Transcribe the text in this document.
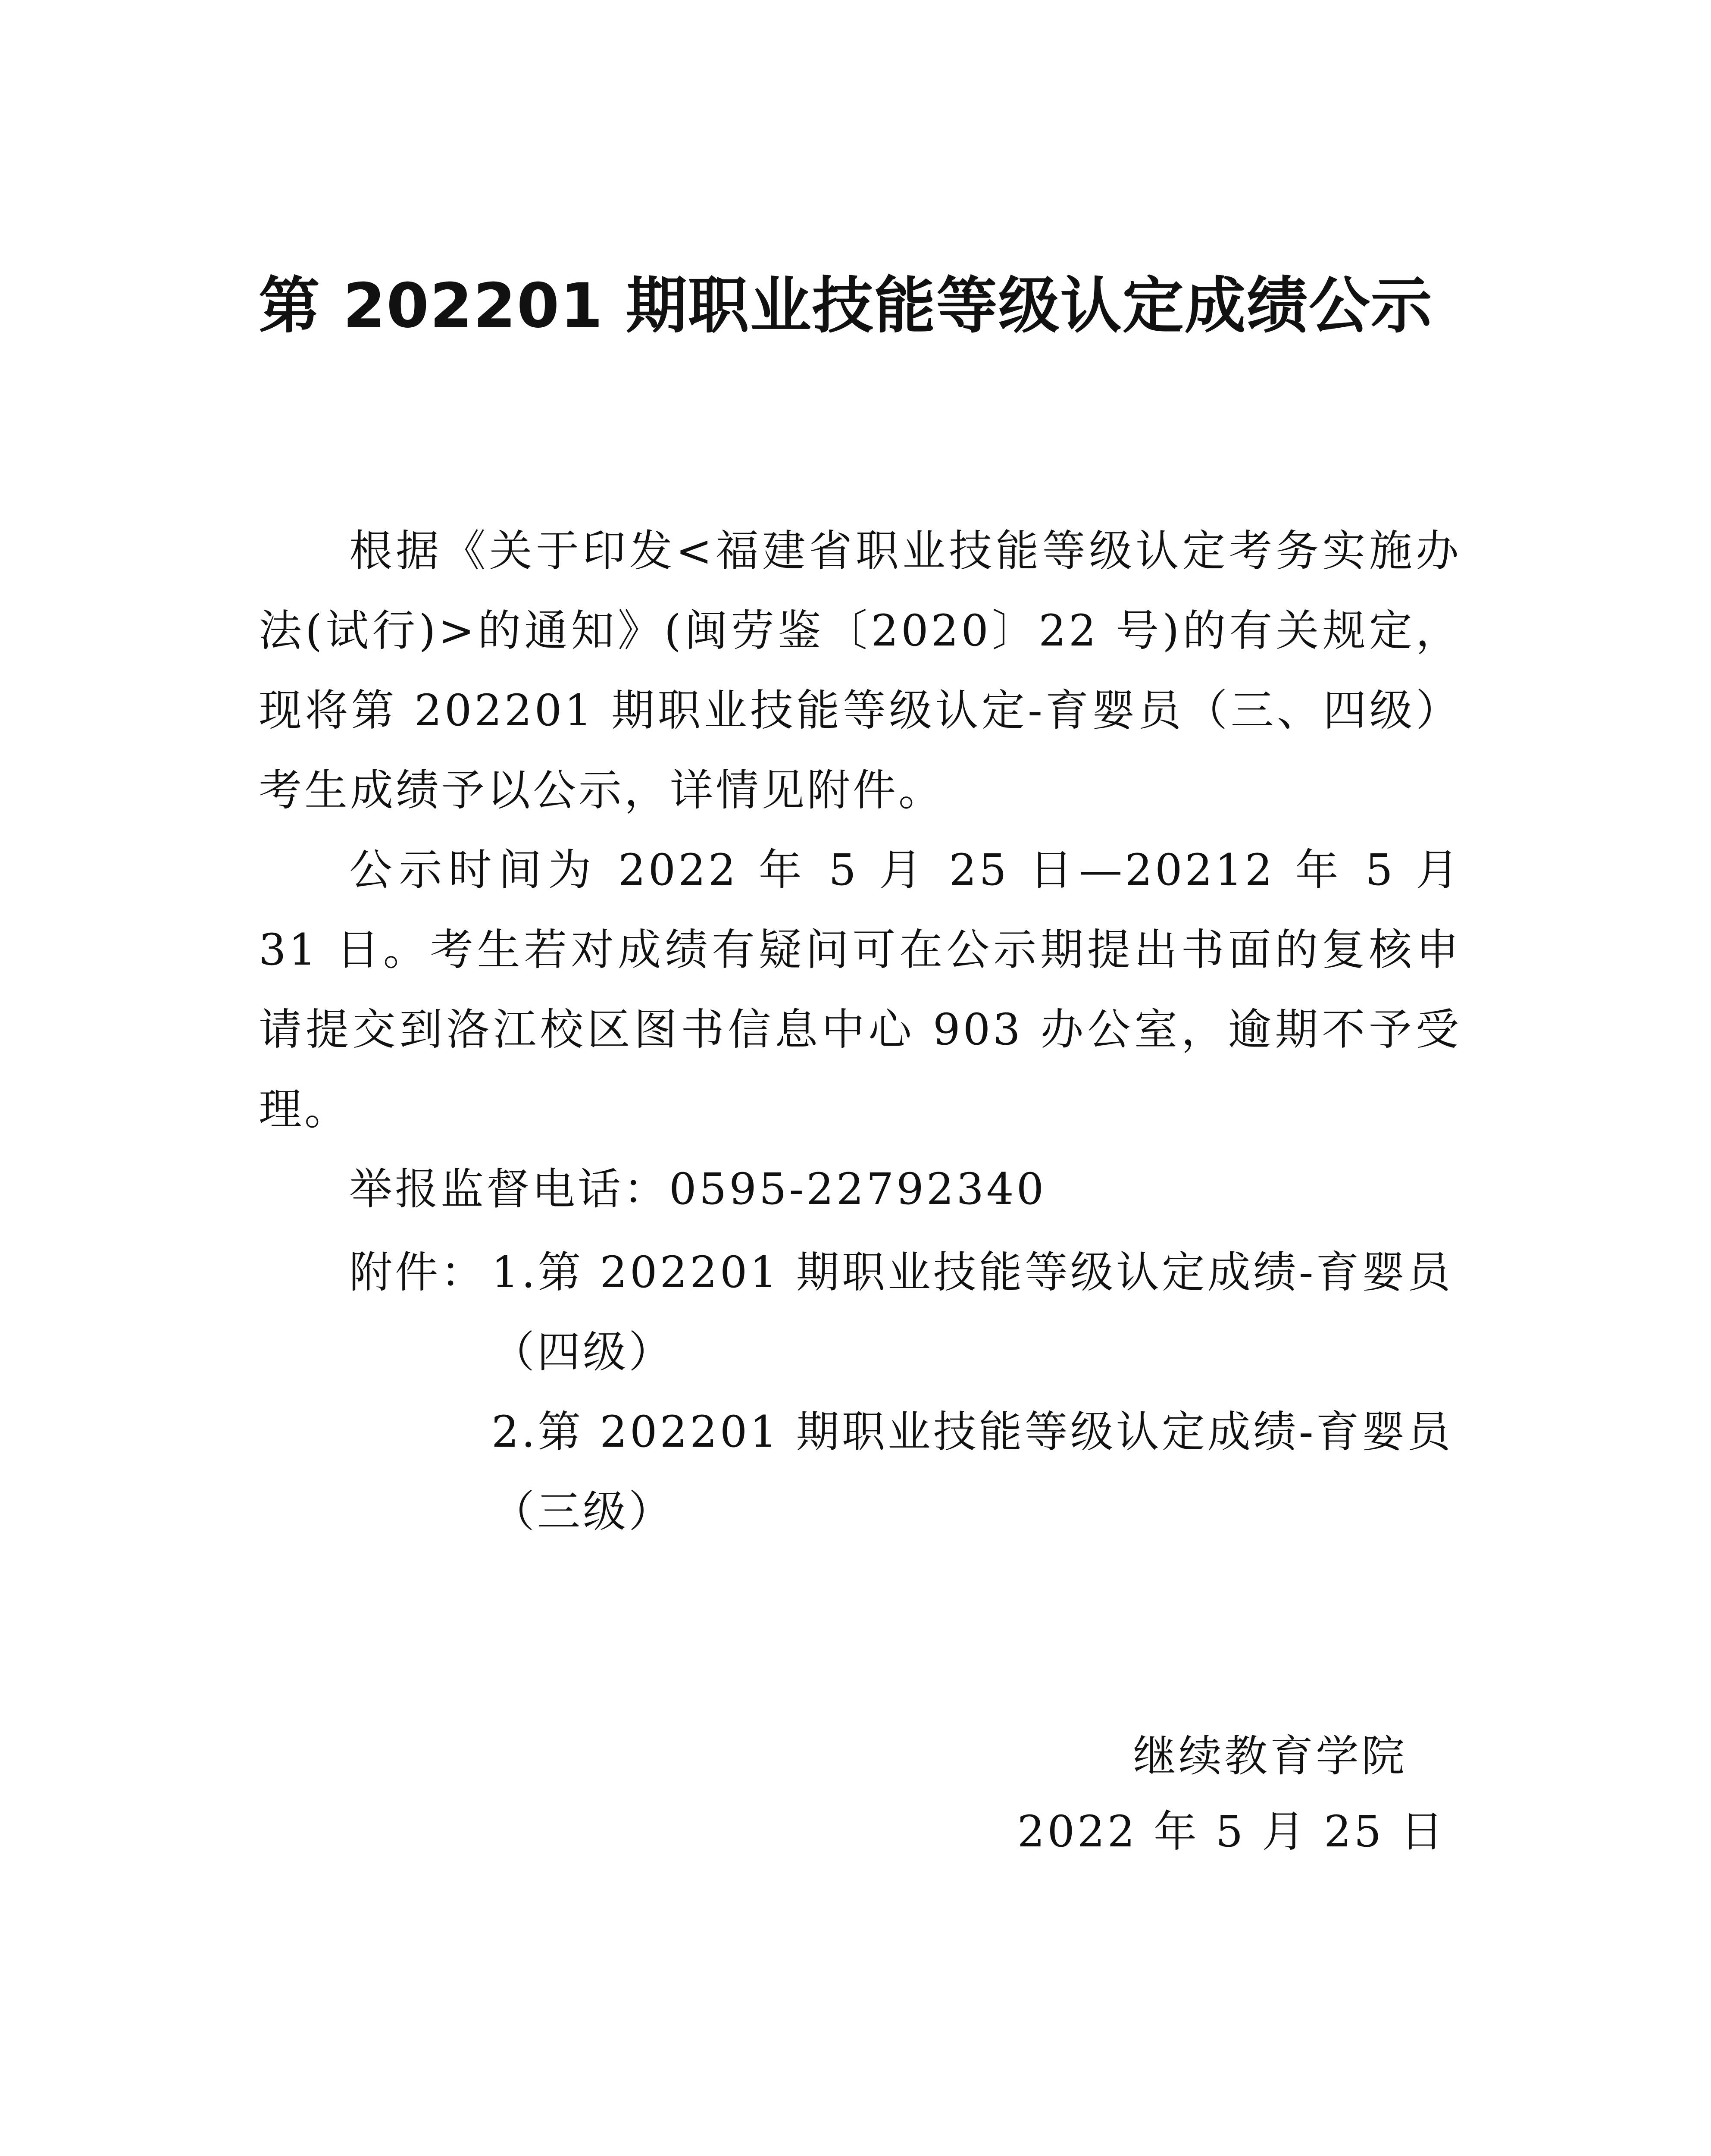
第 202201 期职业技能等级认定成绩公示

根据《关于印发<福建省职业技能等级认定考务实施办法(试行)>的通知》(闽劳鉴〔2020〕22 号)的有关规定，现将第 202201 期职业技能等级认定-育婴员（三、四级）考生成绩予以公示，详情见附件。

公示时间为 2022 年 5 月 25 日—20212 年 5 月 31 日。考生若对成绩有疑问可在公示期提出书面的复核申请提交到洛江校区图书信息中心 903 办公室，逾期不予受理。

举报监督电话：0595-22792340

附件： 1.第 202201 期职业技能等级认定成绩-育婴员（四级）
2.第 202201 期职业技能等级认定成绩-育婴员（三级）
继续教育学院
2022 年 5 月 25 日
